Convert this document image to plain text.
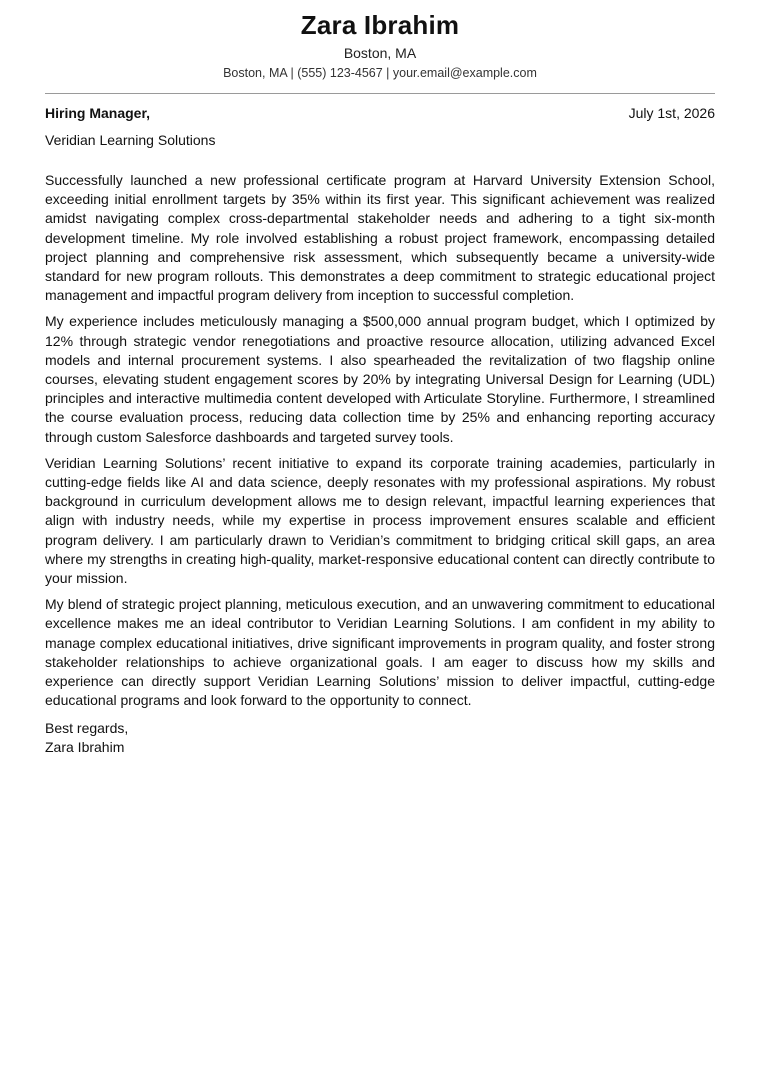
Zara Ibrahim
Boston, MA
Boston, MA | (555) 123-4567 | your.email@example.com
Hiring Manager,	July 1st, 2026
Veridian Learning Solutions

Successfully launched a new professional certificate program at Harvard University Extension School, exceeding initial enrollment targets by 35% within its first year. This significant achievement was realized amidst navigating complex cross-departmental stakeholder needs and adhering to a tight six-month development timeline. My role involved establishing a robust project framework, encompassing detailed project planning and comprehensive risk assessment, which subsequently became a university-wide standard for new program rollouts. This demonstrates a deep commitment to strategic educational project management and impactful program delivery from inception to successful completion.

My experience includes meticulously managing a $500,000 annual program budget, which I optimized by 12% through strategic vendor renegotiations and proactive resource allocation, utilizing advanced Excel models and internal procurement systems. I also spearheaded the revitalization of two flagship online courses, elevating student engagement scores by 20% by integrating Universal Design for Learning (UDL) principles and interactive multimedia content developed with Articulate Storyline. Furthermore, I streamlined the course evaluation process, reducing data collection time by 25% and enhancing reporting accuracy through custom Salesforce dashboards and targeted survey tools.

Veridian Learning Solutions’ recent initiative to expand its corporate training academies, particularly in cutting-edge fields like AI and data science, deeply resonates with my professional aspirations. My robust background in curriculum development allows me to design relevant, impactful learning experiences that align with industry needs, while my expertise in process improvement ensures scalable and efficient program delivery. I am particularly drawn to Veridian’s commitment to bridging critical skill gaps, an area where my strengths in creating high-quality, market-responsive educational content can directly contribute to your mission.

My blend of strategic project planning, meticulous execution, and an unwavering commitment to educational excellence makes me an ideal contributor to Veridian Learning Solutions. I am confident in my ability to manage complex educational initiatives, drive significant improvements in program quality, and foster strong stakeholder relationships to achieve organizational goals. I am eager to discuss how my skills and experience can directly support Veridian Learning Solutions’ mission to deliver impactful, cutting-edge educational programs and look forward to the opportunity to connect.

Best regards,
Zara Ibrahim
